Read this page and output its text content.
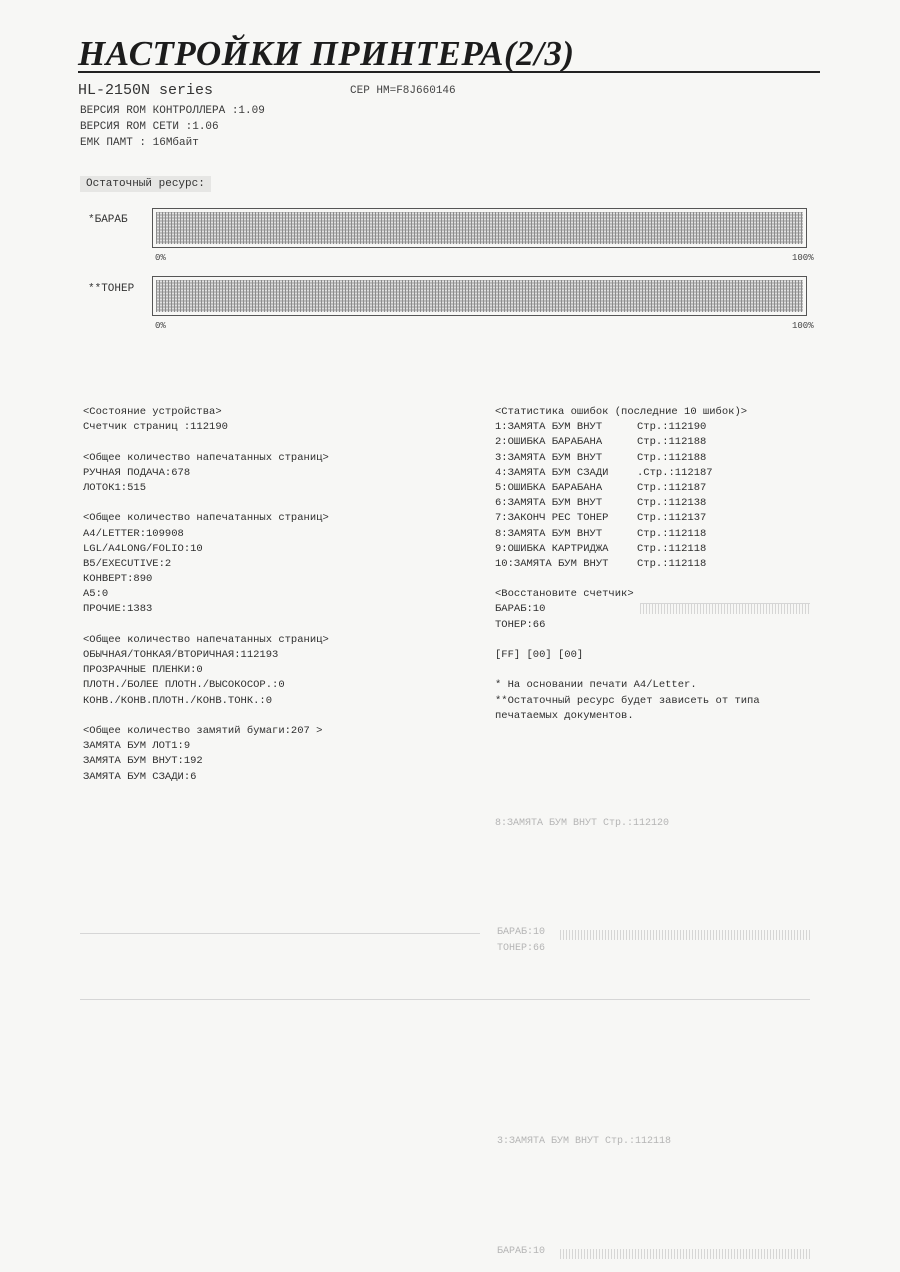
НАСТРОЙКИ ПРИНТЕРА(2/3)
HL-2150N series	СЕР НМ=F8J660146
ВЕРСИЯ ROM КОНТРОЛЛЕРА :1.09
ВЕРСИЯ ROM СЕТИ :1.06
ЕМК ПАМТ : 16Мбайт
Остаточный ресурс:
*БАРАБ
0%	100%
**ТОНЕР
0%	100%
<Состояние устройства>
Счетчик страниц :112190
<Общее количество напечатанных страниц>
РУЧНАЯ ПОДАЧА:678
ЛОТОК1:515
<Общее количество напечатанных страниц>
A4/LETTER:109908
LGL/A4LONG/FOLIO:10
B5/EXECUTIVE:2
КОНВЕРТ:890
A5:0
ПРОЧИЕ:1383
<Общее количество напечатанных страниц>
ОБЫЧНАЯ/ТОНКАЯ/ВТОРИЧНАЯ:112193
ПРОЗРАЧНЫЕ ПЛЕНКИ:0
ПЛОТН./БОЛЕЕ ПЛОТН./ВЫСОКОСОР.:0
КОНВ./КОНВ.ПЛОТН./КОНВ.ТОНК.:0
<Общее количество замятий бумаги:207 >
ЗАМЯТА БУМ ЛОТ1:9
ЗАМЯТА БУМ ВНУТ:192
ЗАМЯТА БУМ СЗАДИ:6
<Статистика ошибок (последние 10 шибок)>
1:ЗАМЯТА БУМ ВНУТ	Стр.:112190
2:ОШИБКА БАРАБАНА	Стр.:112188
3:ЗАМЯТА БУМ ВНУТ	Стр.:112188
4:ЗАМЯТА БУМ СЗАДИ	.Стр.:112187
5:ОШИБКА БАРАБАНА	Стр.:112187
6:ЗАМЯТА БУМ ВНУТ	Стр.:112138
7:ЗАКОНЧ РЕС ТОНЕР	Стр.:112137
8:ЗАМЯТА БУМ ВНУТ	Стр.:112118
9:ОШИБКА КАРТРИДЖА	Стр.:112118
10:ЗАМЯТА БУМ ВНУТ	Стр.:112118
<Восстановите счетчик>
БАРАБ:10
ТОНЕР:66
[FF] [00] [00]
* На основании печати A4/Letter.
**Остаточный ресурс будет зависеть от типа
печатаемых документов.
8:ЗАМЯТА БУМ ВНУТ Стр.:112120
БАРАБ:10
ТОНЕР:66
3:ЗАМЯТА БУМ ВНУТ Стр.:112118
БАРАБ:10
